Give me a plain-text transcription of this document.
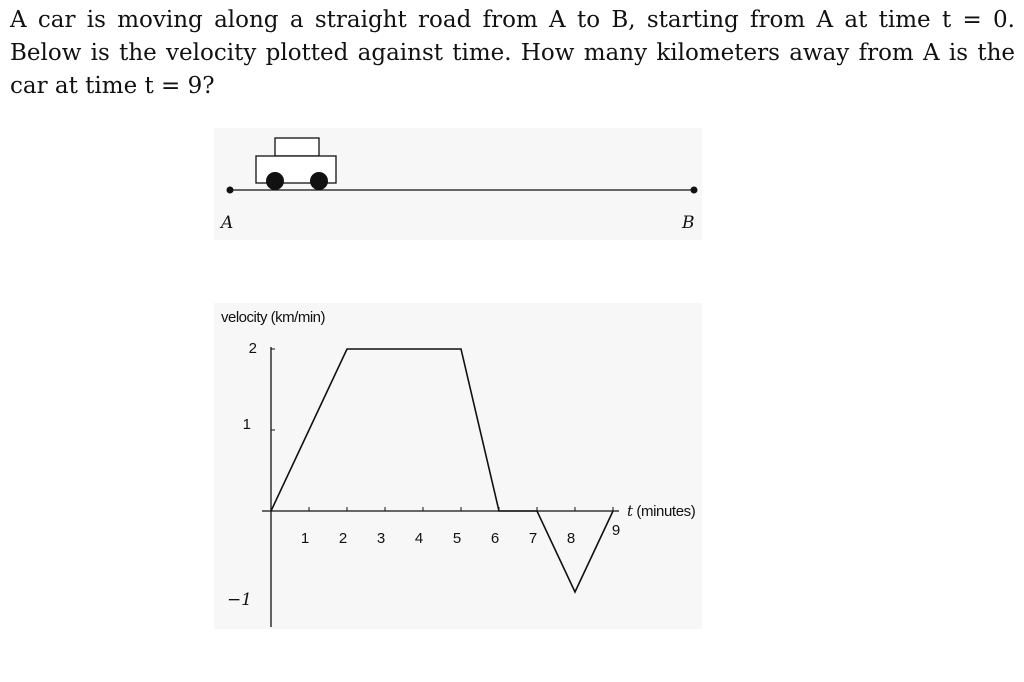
A car is moving along a straight road from A to B, starting from A at time t = 0. Below is the velocity plotted against time. How many kilometers away from A is the car at time t = 9?

A	B
velocity (km/min)
2
1
−1
1 2 3 4 5 6 7 8 9
t (minutes)
